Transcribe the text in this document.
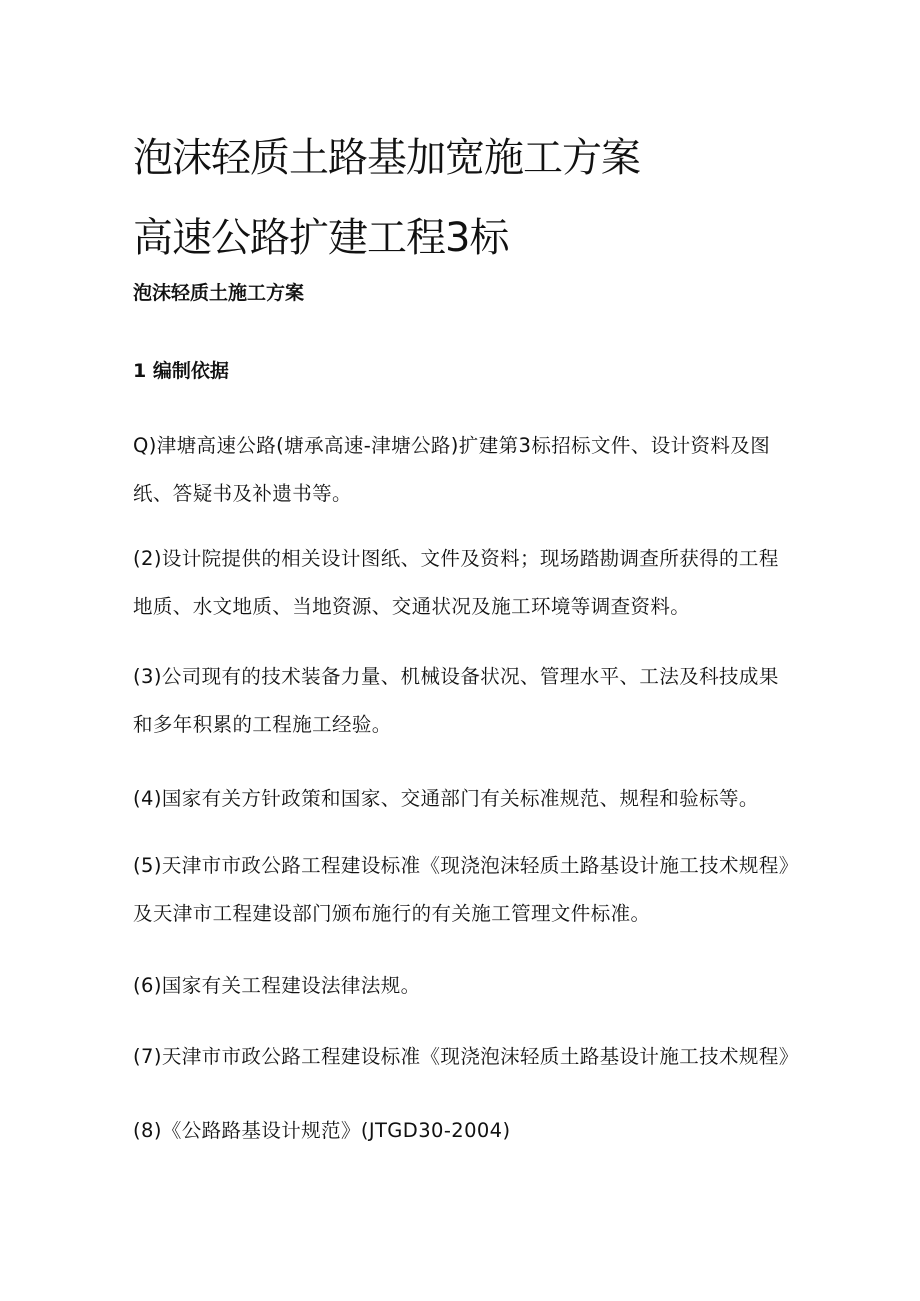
泡沫轻质土路基加宽施工方案
高速公路扩建工程3标
泡沫轻质土施工方案
1 编制依据
Q)津塘高速公路(塘承高速-津塘公路)扩建第3标招标文件、设计资料及图
纸、答疑书及补遗书等。
(2)设计院提供的相关设计图纸、文件及资料；现场踏勘调查所获得的工程
地质、水文地质、当地资源、交通状况及施工环境等调查资料。
(3)公司现有的技术装备力量、机械设备状况、管理水平、工法及科技成果
和多年积累的工程施工经验。
(4)国家有关方针政策和国家、交通部门有关标准规范、规程和验标等。
(5)天津市市政公路工程建设标准《现浇泡沫轻质土路基设计施工技术规程》
及天津市工程建设部门颁布施行的有关施工管理文件标准。
(6)国家有关工程建设法律法规。
(7)天津市市政公路工程建设标准《现浇泡沫轻质土路基设计施工技术规程》
(8)《公路路基设计规范》(JTGD30-2004)
